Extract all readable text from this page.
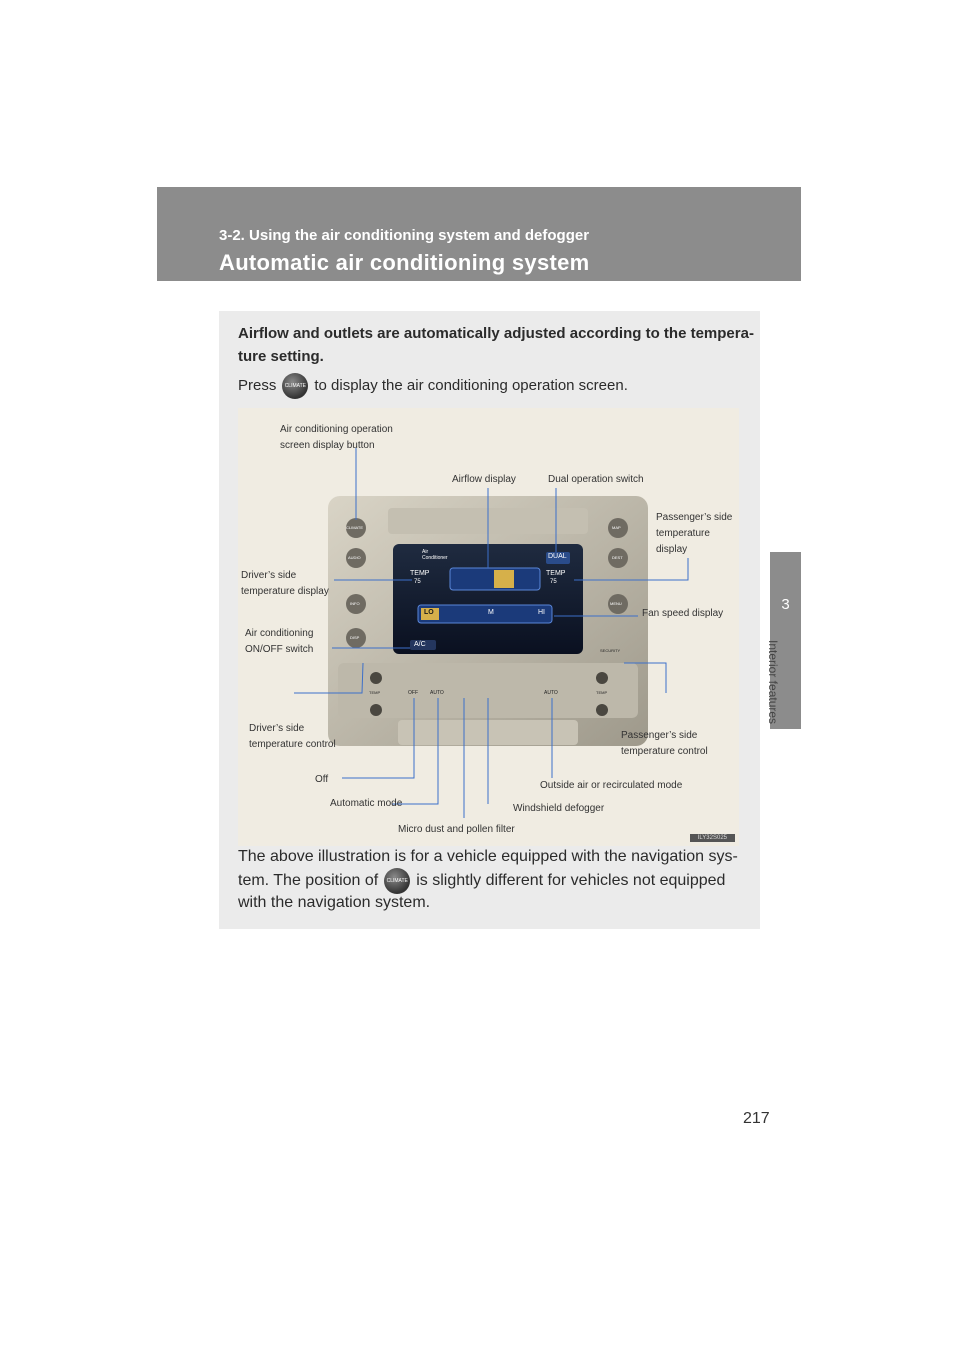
3-2. Using the air conditioning system and defogger
Automatic air conditioning system
3
Interior features
Airflow and outlets are automatically adjusted according to the tempera-
ture setting.
Press CLIMATE to display the air conditioning operation screen.
Air conditioning operation
screen display button
Airflow display	Dual operation switch
Passenger’s side
temperature
display
Driver’s side
temperature display
Fan speed display
Air conditioning
ON/OFF switch
Driver’s side
temperature control
Passenger’s side
temperature control
Off
Outside air or recirculated mode
Automatic mode	Windshield defogger
Micro dust and pollen filter
Air
Conditioner
TEMP
75
TEMP
75
DUAL
LO	M	HI
A/C
CLIMATE
AUDIO
INFO
DISP
MAP
DEST
MENU
TEMP	OFF AUTO	AUTO
SECURITY
TEMP
ILY32S025
The above illustration is for a vehicle equipped with the navigation sys-
tem. The position of CLIMATE is slightly different for vehicles not equipped
with the navigation system.
217
